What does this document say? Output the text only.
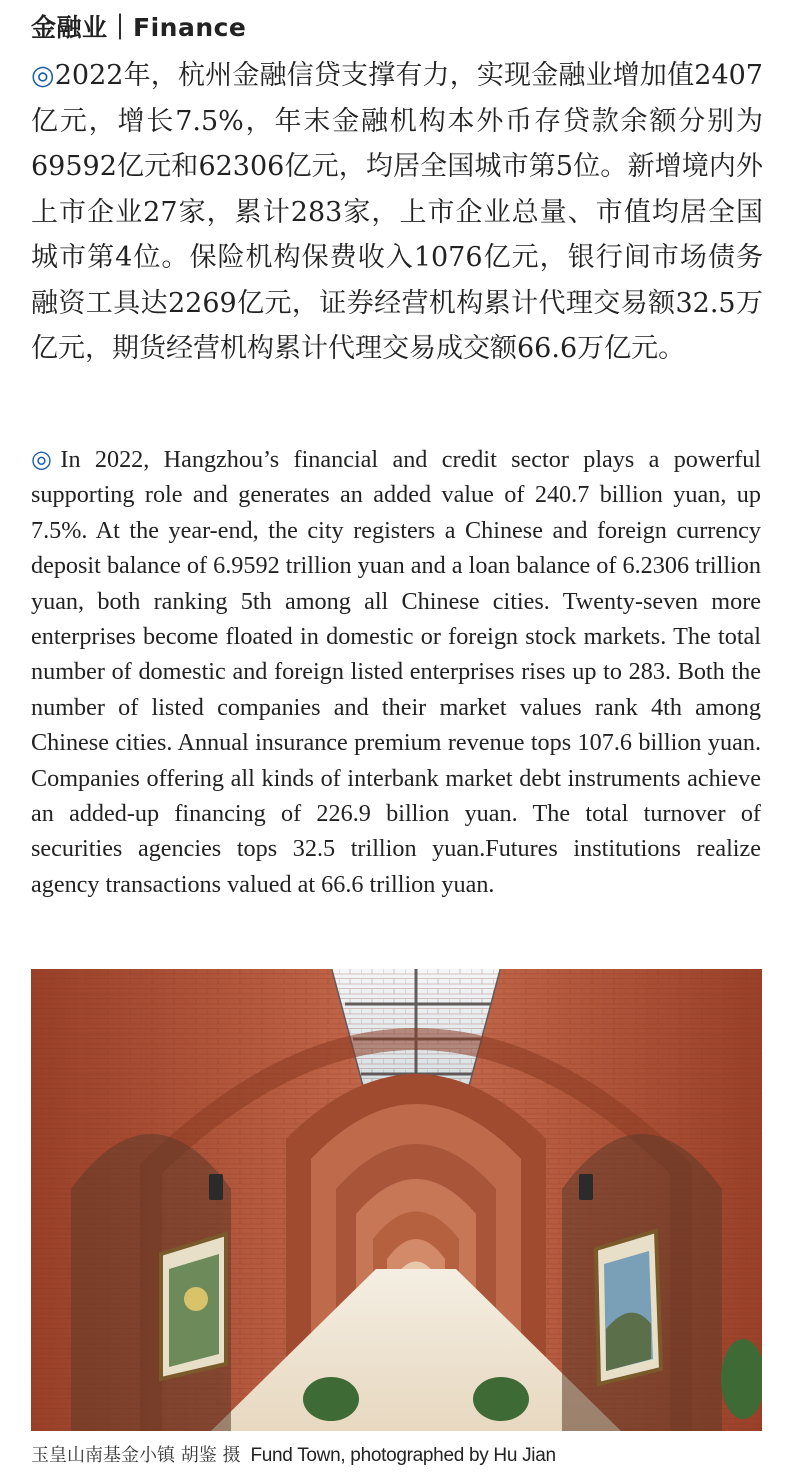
金融业｜Finance

◎2022年，杭州金融信贷支撑有力，实现金融业增加值2407亿元，增长7.5%，年末金融机构本外币存贷款余额分别为69592亿元和62306亿元，均居全国城市第5位。新增境内外上市企业27家，累计283家，上市企业总量、市值均居全国城市第4位。保险机构保费收入1076亿元，银行间市场债务融资工具达2269亿元，证券经营机构累计代理交易额32.5万亿元，期货经营机构累计代理交易成交额66.6万亿元。

◎In 2022, Hangzhou’s financial and credit sector plays a powerful supporting role and generates an added value of 240.7 billion yuan, up 7.5%. At the year-end, the city registers a Chinese and foreign currency deposit balance of 6.9592 trillion yuan and a loan balance of 6.2306 trillion yuan, both ranking 5th among all Chinese cities. Twenty-seven more enterprises become floated in domestic or foreign stock markets. The total number of domestic and foreign listed enterprises rises up to 283. Both the number of listed companies and their market values rank 4th among Chinese cities. Annual insurance premium revenue tops 107.6 billion yuan. Companies offering all kinds of interbank market debt instruments achieve an added-up financing of 226.9 billion yuan. The total turnover of securities agencies tops 32.5 trillion yuan.Futures institutions realize agency transactions valued at 66.6 trillion yuan.

玉皇山南基金小镇 胡鉴 摄 Fund Town, photographed by Hu Jian
